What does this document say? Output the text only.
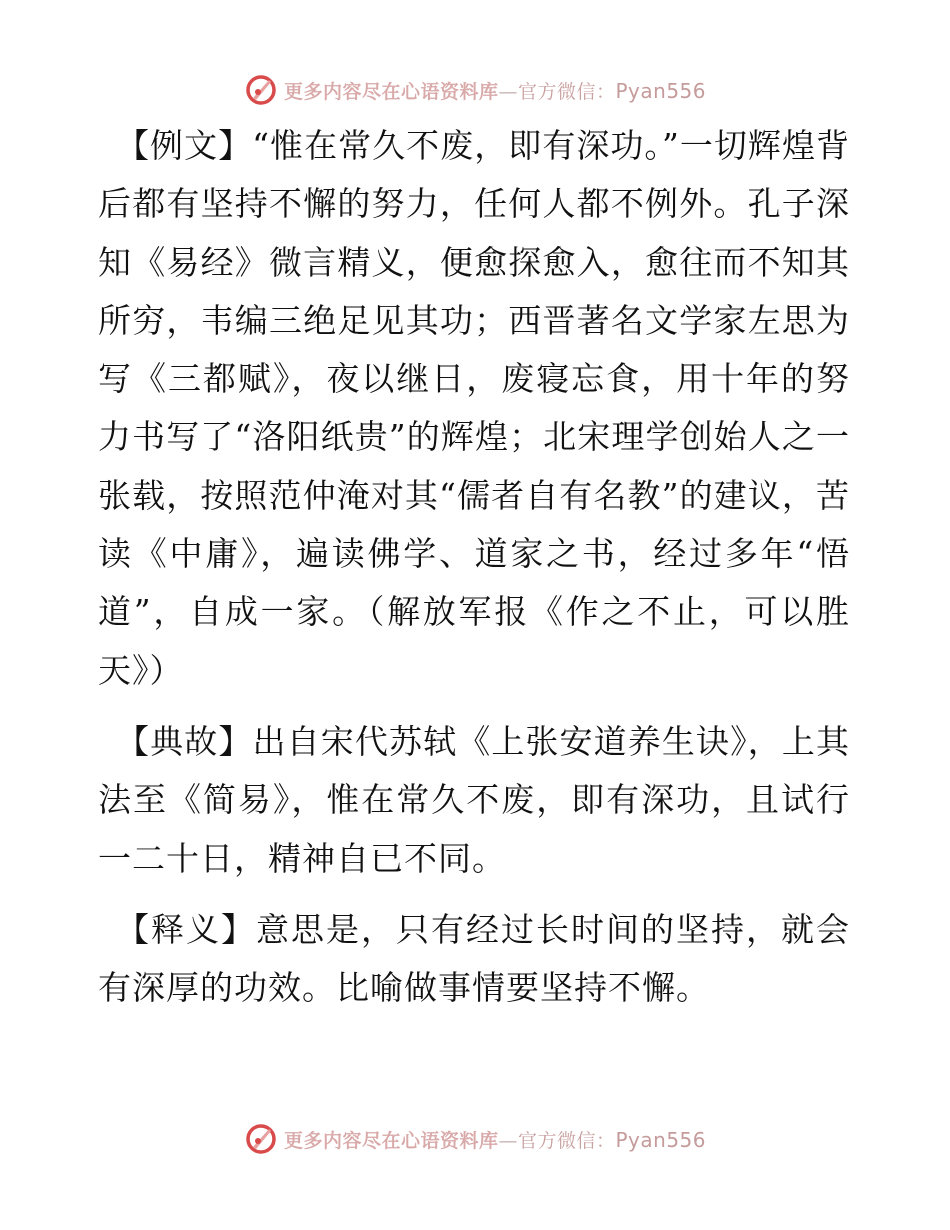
更多内容尽在心语资料库—官方微信：Pyan556

【例文】“惟在常久不废，即有深功。”一切辉煌背后都有坚持不懈的努力，任何人都不例外。孔子深知《易经》微言精义，便愈探愈入，愈往而不知其所穷，韦编三绝足见其功；西晋著名文学家左思为写《三都赋》，夜以继日，废寝忘食，用十年的努力书写了“洛阳纸贵”的辉煌；北宋理学创始人之一张载，按照范仲淹对其“儒者自有名教”的建议，苦读《中庸》，遍读佛学、道家之书，经过多年“悟道”，自成一家。（解放军报《作之不止，可以胜天》）

【典故】出自宋代苏轼《上张安道养生诀》，上其法至《简易》，惟在常久不废，即有深功，且试行一二十日，精神自已不同。

【释义】意思是，只有经过长时间的坚持，就会有深厚的功效。比喻做事情要坚持不懈。

更多内容尽在心语资料库—官方微信：Pyan556
